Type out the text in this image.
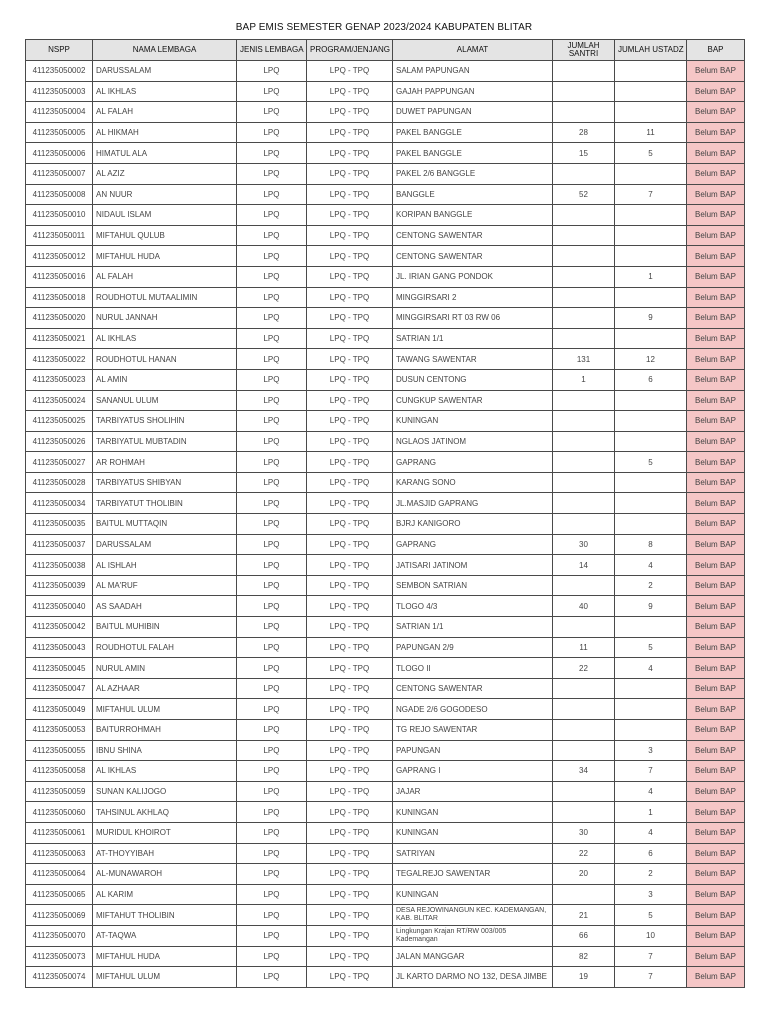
BAP EMIS SEMESTER GENAP 2023/2024 KABUPATEN BLITAR
NSPP	NAMA LEMBAGA	JENIS LEMBAGA	PROGRAM/JENJANG	ALAMAT	JUMLAH SANTRI	JUMLAH USTADZ	BAP
411235050002	DARUSSALAM	LPQ	LPQ - TPQ	SALAM PAPUNGAN			Belum BAP
411235050003	AL IKHLAS	LPQ	LPQ - TPQ	GAJAH PAPPUNGAN			Belum BAP
411235050004	AL FALAH	LPQ	LPQ - TPQ	DUWET PAPUNGAN			Belum BAP
411235050005	AL HIKMAH	LPQ	LPQ - TPQ	PAKEL BANGGLE	28	11	Belum BAP
411235050006	HIMATUL ALA	LPQ	LPQ - TPQ	PAKEL BANGGLE	15	5	Belum BAP
411235050007	AL AZIZ	LPQ	LPQ - TPQ	PAKEL 2/6 BANGGLE			Belum BAP
411235050008	AN NUUR	LPQ	LPQ - TPQ	BANGGLE	52	7	Belum BAP
411235050010	NIDAUL ISLAM	LPQ	LPQ - TPQ	KORIPAN BANGGLE			Belum BAP
411235050011	MIFTAHUL QULUB	LPQ	LPQ - TPQ	CENTONG SAWENTAR			Belum BAP
411235050012	MIFTAHUL HUDA	LPQ	LPQ - TPQ	CENTONG SAWENTAR			Belum BAP
411235050016	AL FALAH	LPQ	LPQ - TPQ	JL. IRIAN GANG PONDOK		1	Belum BAP
411235050018	ROUDHOTUL MUTAALIMIN	LPQ	LPQ - TPQ	MINGGIRSARI 2			Belum BAP
411235050020	NURUL JANNAH	LPQ	LPQ - TPQ	MINGGIRSARI RT 03 RW 06		9	Belum BAP
411235050021	AL IKHLAS	LPQ	LPQ - TPQ	SATRIAN 1/1			Belum BAP
411235050022	ROUDHOTUL HANAN	LPQ	LPQ - TPQ	TAWANG SAWENTAR	131	12	Belum BAP
411235050023	AL AMIN	LPQ	LPQ - TPQ	DUSUN CENTONG	1	6	Belum BAP
411235050024	SANANUL ULUM	LPQ	LPQ - TPQ	CUNGKUP SAWENTAR			Belum BAP
411235050025	TARBIYATUS SHOLIHIN	LPQ	LPQ - TPQ	KUNINGAN			Belum BAP
411235050026	TARBIYATUL MUBTADIN	LPQ	LPQ - TPQ	NGLAOS JATINOM			Belum BAP
411235050027	AR ROHMAH	LPQ	LPQ - TPQ	GAPRANG		5	Belum BAP
411235050028	TARBIYATUS SHIBYAN	LPQ	LPQ - TPQ	KARANG SONO			Belum BAP
411235050034	TARBIYATUT THOLIBIN	LPQ	LPQ - TPQ	JL.MASJID GAPRANG			Belum BAP
411235050035	BAITUL MUTTAQIN	LPQ	LPQ - TPQ	BJRJ KANIGORO			Belum BAP
411235050037	DARUSSALAM	LPQ	LPQ - TPQ	GAPRANG	30	8	Belum BAP
411235050038	AL ISHLAH	LPQ	LPQ - TPQ	JATISARI JATINOM	14	4	Belum BAP
411235050039	AL MA'RUF	LPQ	LPQ - TPQ	SEMBON SATRIAN		2	Belum BAP
411235050040	AS SAADAH	LPQ	LPQ - TPQ	TLOGO 4/3	40	9	Belum BAP
411235050042	BAITUL MUHIBIN	LPQ	LPQ - TPQ	SATRIAN 1/1			Belum BAP
411235050043	ROUDHOTUL FALAH	LPQ	LPQ - TPQ	PAPUNGAN 2/9	11	5	Belum BAP
411235050045	NURUL AMIN	LPQ	LPQ - TPQ	TLOGO II	22	4	Belum BAP
411235050047	AL AZHAAR	LPQ	LPQ - TPQ	CENTONG SAWENTAR			Belum BAP
411235050049	MIFTAHUL ULUM	LPQ	LPQ - TPQ	NGADE 2/6 GOGODESO			Belum BAP
411235050053	BAITURROHMAH	LPQ	LPQ - TPQ	TG REJO SAWENTAR			Belum BAP
411235050055	IBNU SHINA	LPQ	LPQ - TPQ	PAPUNGAN		3	Belum BAP
411235050058	AL IKHLAS	LPQ	LPQ - TPQ	GAPRANG I	34	7	Belum BAP
411235050059	SUNAN KALIJOGO	LPQ	LPQ - TPQ	JAJAR		4	Belum BAP
411235050060	TAHSINUL AKHLAQ	LPQ	LPQ - TPQ	KUNINGAN		1	Belum BAP
411235050061	MURIDUL KHOIROT	LPQ	LPQ - TPQ	KUNINGAN	30	4	Belum BAP
411235050063	AT-THOYYIBAH	LPQ	LPQ - TPQ	SATRIYAN	22	6	Belum BAP
411235050064	AL-MUNAWAROH	LPQ	LPQ - TPQ	TEGALREJO SAWENTAR	20	2	Belum BAP
411235050065	AL KARIM	LPQ	LPQ - TPQ	KUNINGAN		3	Belum BAP
411235050069	MIFTAHUT THOLIBIN	LPQ	LPQ - TPQ	DESA REJOWINANGUN KEC. KADEMANGAN, KAB. BLITAR	21	5	Belum BAP
411235050070	AT-TAQWA	LPQ	LPQ - TPQ	Lingkungan Krajan RT/RW 003/005 Kademangan	66	10	Belum BAP
411235050073	MIFTAHUL HUDA	LPQ	LPQ - TPQ	JALAN MANGGAR	82	7	Belum BAP
411235050074	MIFTAHUL ULUM	LPQ	LPQ - TPQ	JL KARTO DARMO NO 132, DESA JIMBE	19	7	Belum BAP
